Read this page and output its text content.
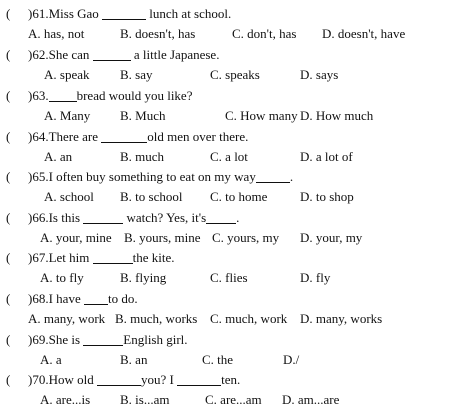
( )61.Miss Gao	lunch at school.
A. has, not	B. doesn't, has	C. don't, has D. doesn't, have
( )62.She can	a little Japanese.
A. speak B. say	C. speaks	D. says
( )63. bread would you like?
A. Many B. Much	C. How many D. How much
( )64.There are	old men over there.
A. an	B. much	C. a lot	D. a lot of
( )65.I often buy something to eat on my way	.
A. school B. to school C. to home	D. to shop
( )66.Is this	watch? Yes, it's .
A. your, mine B. yours, mine C. yours, my D. your, my
( )67.Let him	the kite.
A. to fly	B. flying	C. flies	D. fly
( )68.I have to do.
A. many, work B. much, works C. much, work D. many, works
( )69.She is	English girl.
A. a	B. an	C. the	D./
( )70.How old	you? I	ten.
A. are...is B. is...am	C. are...am D. am...are
